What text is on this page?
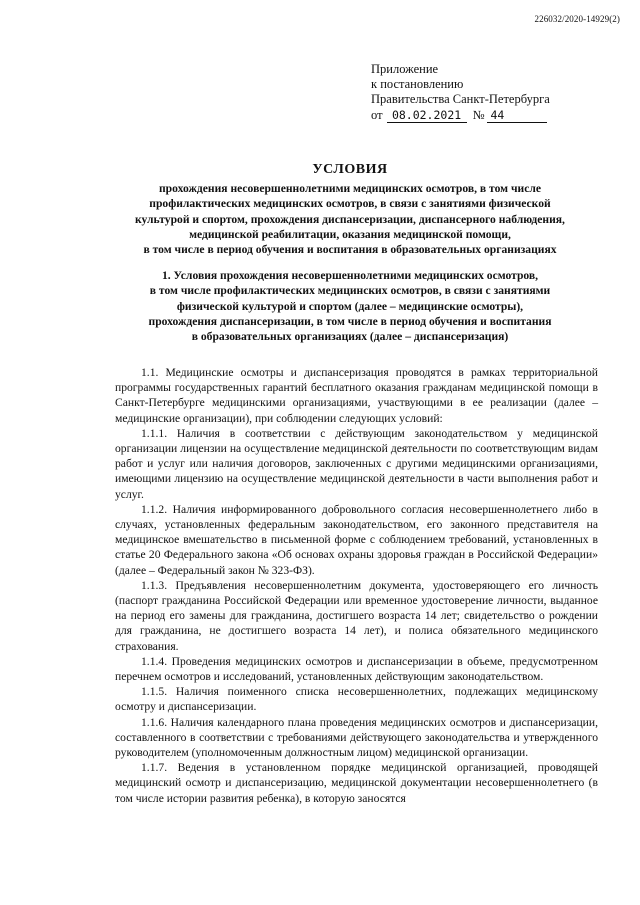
226032/2020-14929(2)
Приложение
к постановлению
Правительства Санкт-Петербурга
от 08.02.2021 № 44
УСЛОВИЯ
прохождения несовершеннолетними медицинских осмотров, в том числе
профилактических медицинских осмотров, в связи с занятиями физической
культурой и спортом, прохождения диспансеризации, диспансерного наблюдения,
медицинской реабилитации, оказания медицинской помощи,
в том числе в период обучения и воспитания в образовательных организациях
1. Условия прохождения несовершеннолетними медицинских осмотров,
в том числе профилактических медицинских осмотров, в связи с занятиями
физической культурой и спортом (далее – медицинские осмотры),
прохождения диспансеризации, в том числе в период обучения и воспитания
в образовательных организациях (далее – диспансеризация)

1.1. Медицинские осмотры и диспансеризация проводятся в рамках территориальной программы государственных гарантий бесплатного оказания гражданам медицинской помощи в Санкт-Петербурге медицинскими организациями, участвующими в ее реализации (далее – медицинские организации), при соблюдении следующих условий:

1.1.1. Наличия в соответствии с действующим законодательством у медицинской организации лицензии на осуществление медицинской деятельности по соответствующим видам работ и услуг или наличия договоров, заключенных с другими медицинскими организациями, имеющими лицензию на осуществление медицинской деятельности в части выполнения работ и услуг.

1.1.2. Наличия информированного добровольного согласия несовершеннолетнего либо в случаях, установленных федеральным законодательством, его законного представителя на медицинское вмешательство в письменной форме с соблюдением требований, установленных в статье 20 Федерального закона «Об основах охраны здоровья граждан в Российской Федерации» (далее – Федеральный закон № 323-ФЗ).

1.1.3. Предъявления несовершеннолетним документа, удостоверяющего его личность (паспорт гражданина Российской Федерации или временное удостоверение личности, выданное на период его замены для гражданина, достигшего возраста 14 лет; свидетельство о рождении для гражданина, не достигшего возраста 14 лет), и полиса обязательного медицинского страхования.

1.1.4. Проведения медицинских осмотров и диспансеризации в объеме, предусмотренном перечнем осмотров и исследований, установленных действующим законодательством.

1.1.5. Наличия поименного списка несовершеннолетних, подлежащих медицинскому осмотру и диспансеризации.

1.1.6. Наличия календарного плана проведения медицинских осмотров и диспансеризации, составленного в соответствии с требованиями действующего законодательства и утвержденного руководителем (уполномоченным должностным лицом) медицинской организации.

1.1.7. Ведения в установленном порядке медицинской организацией, проводящей медицинский осмотр и диспансеризацию, медицинской документации несовершеннолетнего (в том числе истории развития ребенка), в которую заносятся
